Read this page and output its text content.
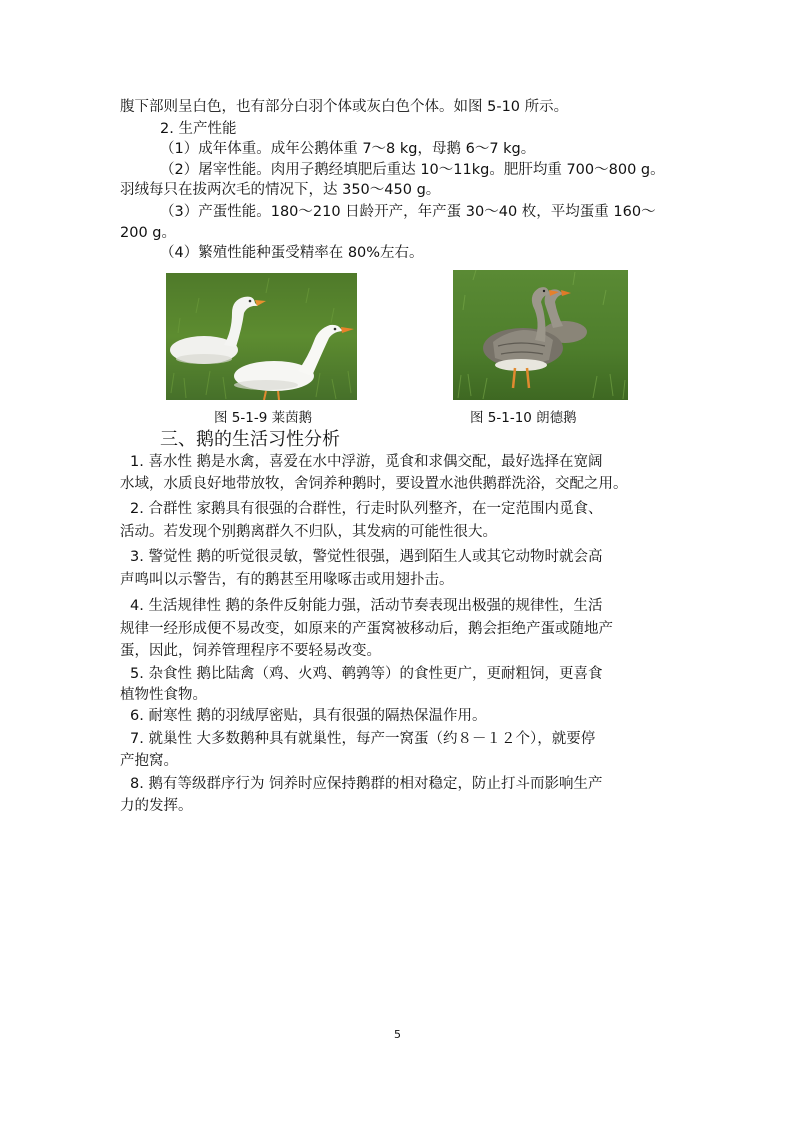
腹下部则呈白色，也有部分白羽个体或灰白色个体。如图 5-10 所示。
2. 生产性能
（1）成年体重。成年公鹅体重 7～8 kg，母鹅 6～7 kg。
（2）屠宰性能。肉用子鹅经填肥后重达 10～11kg。肥肝均重 700～800 g。
羽绒每只在拔两次毛的情况下，达 350～450 g。
（3）产蛋性能。180～210 日龄开产，年产蛋 30～40 枚，平均蛋重 160～
200 g。
（4）繁殖性能种蛋受精率在 80%左右。
图 5-1-9 莱茵鹅	图 5-1-10 朗德鹅
三、鹅的生活习性分析
1. 喜水性 鹅是水禽，喜爱在水中浮游，觅食和求偶交配，最好选择在宽阔
水域，水质良好地带放牧，舍饲养种鹅时，要设置水池供鹅群洗浴，交配之用。
2. 合群性 家鹅具有很强的合群性，行走时队列整齐，在一定范围内觅食、
活动。若发现个别鹅离群久不归队，其发病的可能性很大。
3. 警觉性 鹅的听觉很灵敏，警觉性很强，遇到陌生人或其它动物时就会高
声鸣叫以示警告，有的鹅甚至用喙啄击或用翅扑击。
4. 生活规律性 鹅的条件反射能力强，活动节奏表现出极强的规律性，生活
规律一经形成便不易改变，如原来的产蛋窝被移动后，鹅会拒绝产蛋或随地产
蛋，因此，饲养管理程序不要轻易改变。
5. 杂食性 鹅比陆禽（鸡、火鸡、鹌鹑等）的食性更广，更耐粗饲，更喜食
植物性食物。
6. 耐寒性 鹅的羽绒厚密贴，具有很强的隔热保温作用。
7. 就巢性 大多数鹅种具有就巢性，每产一窝蛋（约８－１２个），就要停
产抱窝。
8. 鹅有等级群序行为 饲养时应保持鹅群的相对稳定，防止打斗而影响生产
力的发挥。
5
